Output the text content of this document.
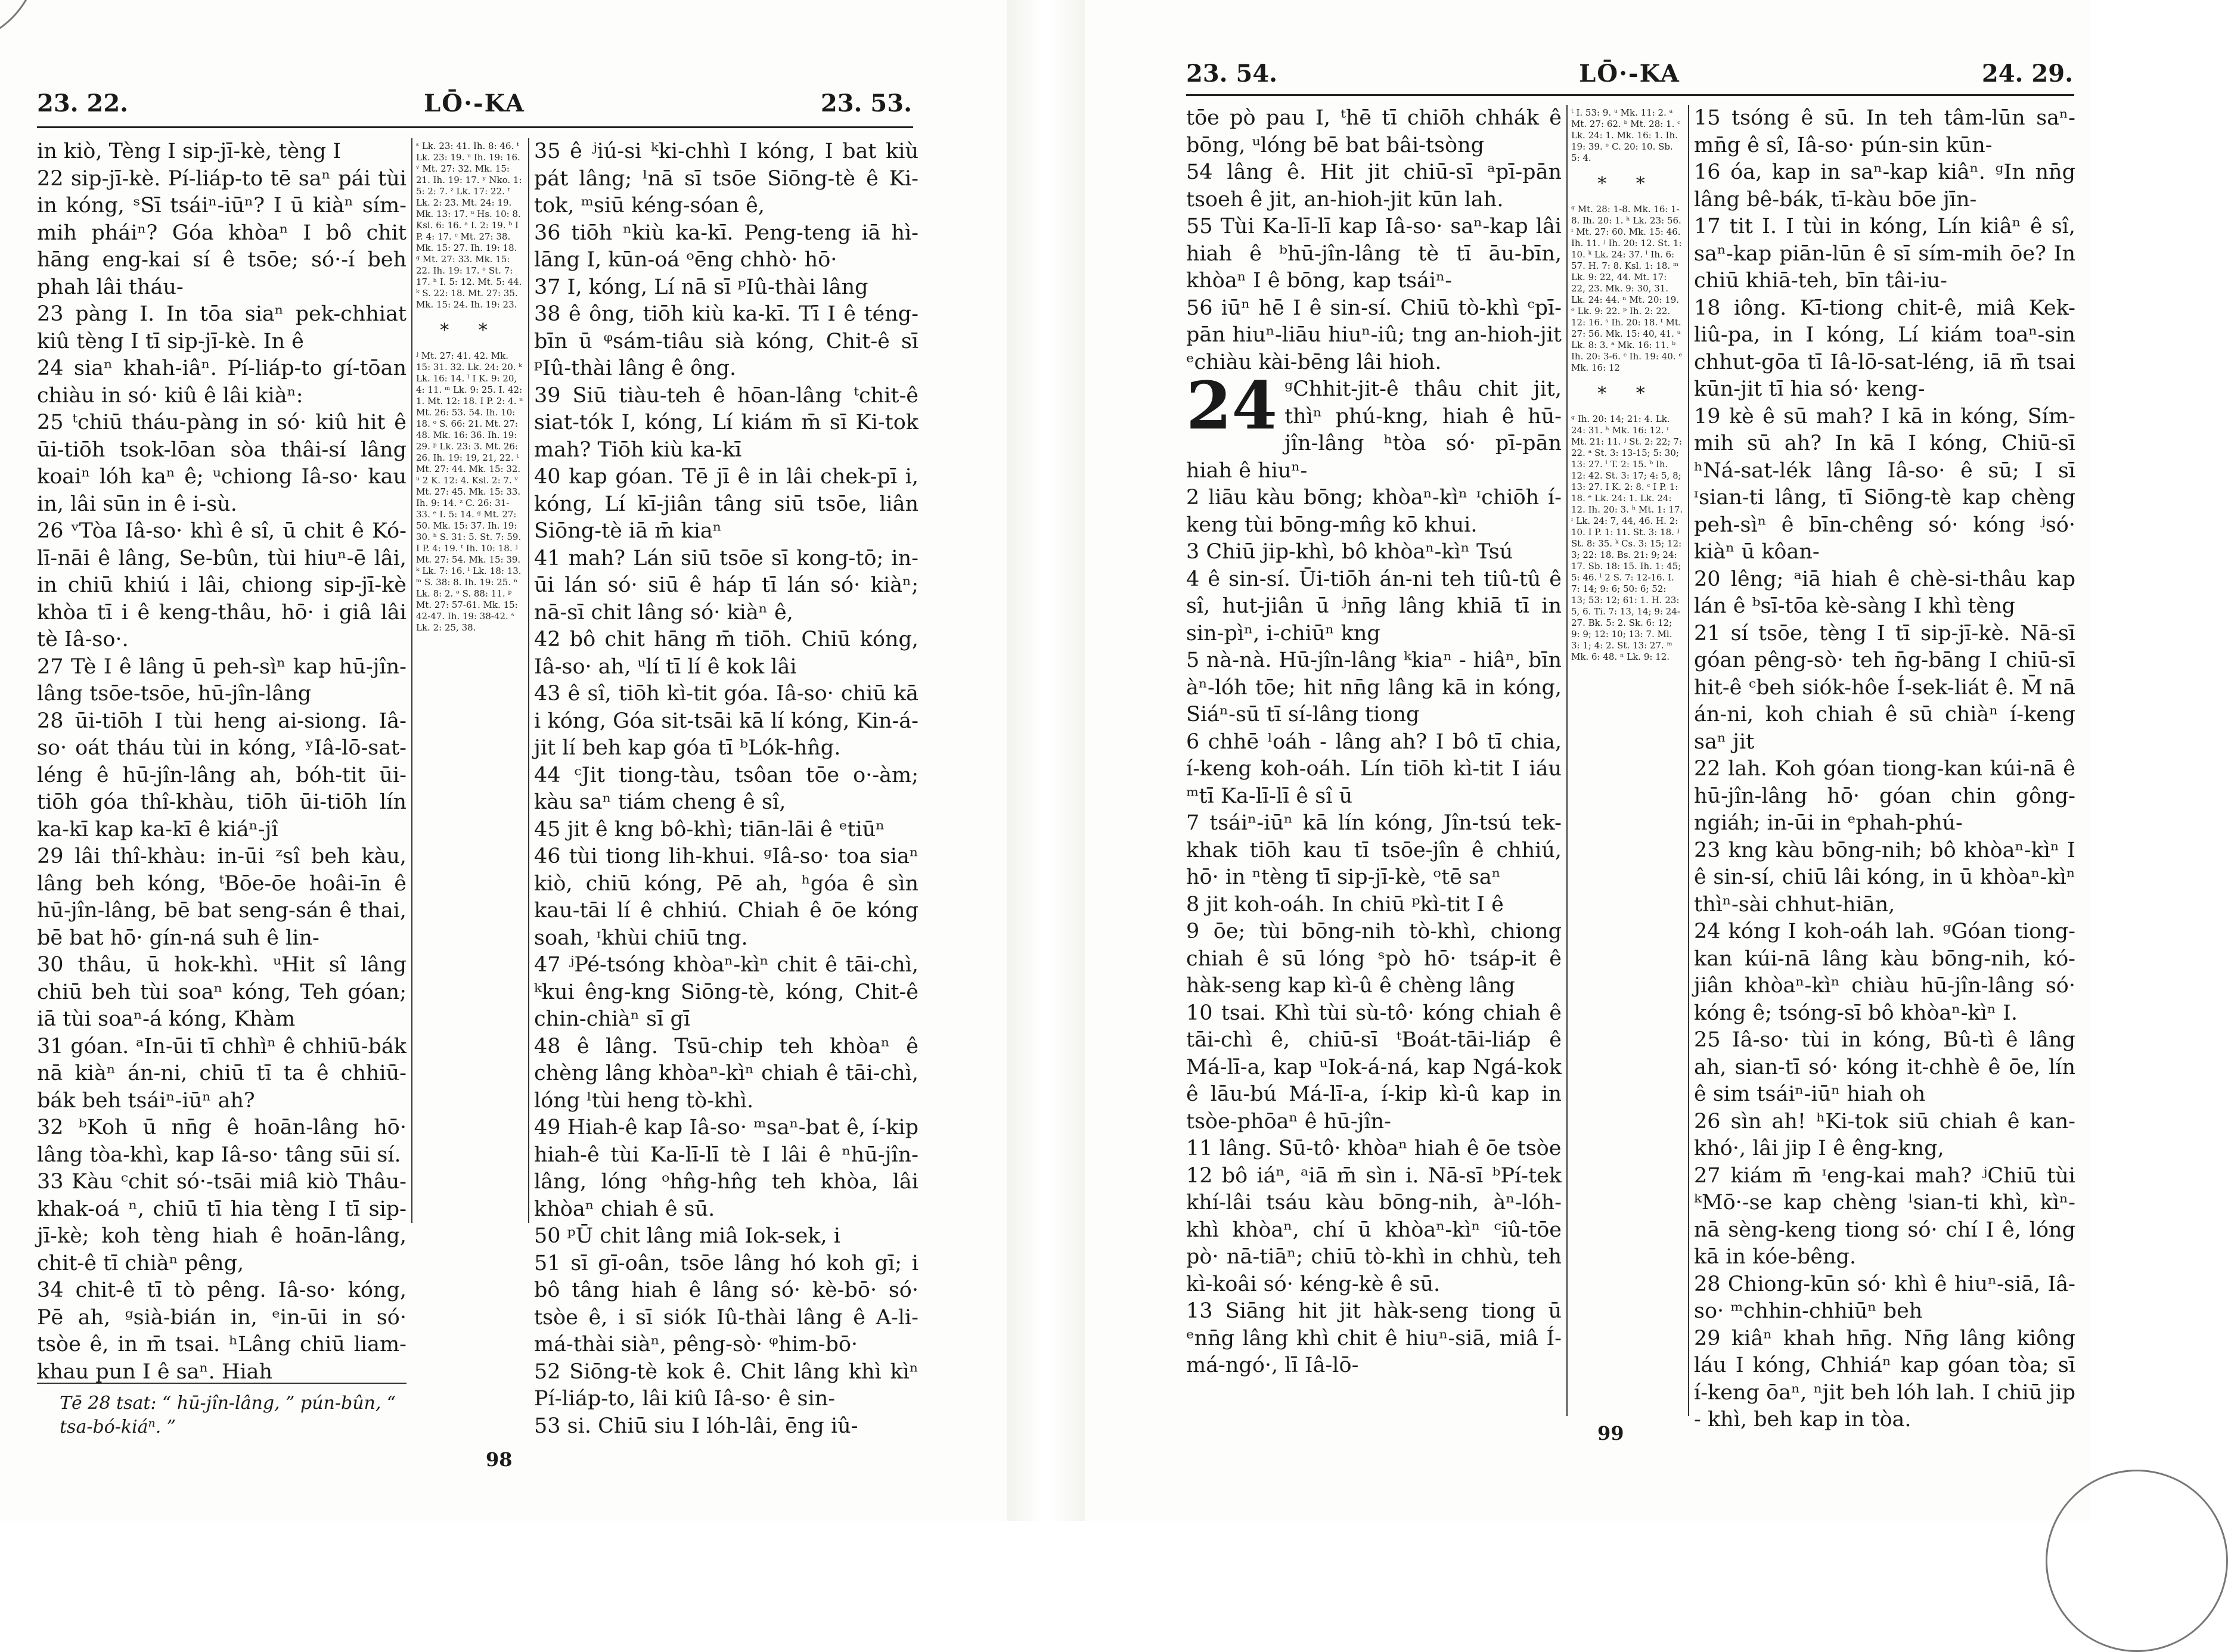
23. 22.	LŌ·-KA	23. 53.

in kiò, Tèng I sip-jī-kè, tèng I

22 sip-jī-kè. Pí-liáp-to tē saⁿ pái tùi in kóng, ˢSī tsáiⁿ-iūⁿ? I ū kiàⁿ sím-mih pháiⁿ? Góa khòaⁿ I bô chit hāng eng-kai sí ê tsōe; só·-í beh phah lâi tháu-

23 pàng I. In tōa siaⁿ pek-chhiat kiû tèng I tī sip-jī-kè. In ê

24 siaⁿ khah-iâⁿ. Pí-liáp-to gí-tōan chiàu in só· kiû ê lâi kiàⁿ:

25 ᵗchiū tháu-pàng in só· kiû hit ê ūi-tiōh tsok-lōan sòa thâi-sí lâng koaiⁿ lóh kaⁿ ê; ᵘchiong Iâ-so· kau in, lâi sūn in ê i-sù.

26 ᵛTòa Iâ-so· khì ê sî, ū chit ê Kó-lī-nāi ê lâng, Se-bûn, tùi hiuⁿ-ē lâi, in chiū khiú i lâi, chiong sip-jī-kè khòa tī i ê keng-thâu, hō· i giâ lâi tè Iâ-so·.

27 Tè I ê lâng ū peh-sìⁿ kap hū-jîn-lâng tsōe-tsōe, hū-jîn-lâng

28 ūi-tiōh I tùi heng ai-siong. Iâ-so· oát tháu tùi in kóng, ʸIâ-lō-sat-léng ê hū-jîn-lâng ah, bóh-tit ūi-tiōh góa thî-khàu, tiōh ūi-tiōh lín ka-kī kap ka-kī ê kiáⁿ-jî

29 lâi thî-khàu: in-ūi ᶻsî beh kàu, lâng beh kóng, ᵗBōe-ōe hoâi-īn ê hū-jîn-lâng, bē bat seng-sán ê thai, bē bat hō· gín-ná suh ê lin-

30 thâu, ū hok-khì. ᵘHit sî lâng chiū beh tùi soaⁿ kóng, Teh góan; iā tùi soaⁿ-á kóng, Khàm

31 góan. ᵃIn-ūi tī chhìⁿ ê chhiū-bák nā kiàⁿ án-ni, chiū tī ta ê chhiū-bák beh tsáiⁿ-iūⁿ ah?

32 ᵇKoh ū nn̄g ê hoān-lâng hō· lâng tòa-khì, kap Iâ-so· tâng sūi sí.

33 Kàu ᶜchit só·-tsāi miâ kiò Thâu-khak-oá ⁿ, chiū tī hia tèng I tī sip-jī-kè; koh tèng hiah ê hoān-lâng, chit-ê tī chiàⁿ pêng,

34 chit-ê tī tò pêng. Iâ-so· kóng, Pē ah, ᵍsià-bián in, ᵉin-ūi in só· tsòe ê, in m̄ tsai. ʰLâng chiū liam-khau pun I ê saⁿ. Hiah

ˢ Lk. 23: 41. Ih. 8: 46. ᵗ Lk. 23: 19. ᵘ Ih. 19: 16. ᵛ Mt. 27: 32. Mk. 15: 21. Ih. 19: 17. ʸ Nko. 1: 5: 2: 7. ᶻ Lk. 17: 22. ᵗ Lk. 2: 23. Mt. 24: 19. Mk. 13: 17. ᵘ Hs. 10: 8. Ksl. 6: 16. ᵃ I. 2: 19. ᵇ I P. 4: 17. ᶜ Mt. 27: 38. Mk. 15: 27. Ih. 19: 18. ᵍ Mt. 27: 33. Mk. 15: 22. Ih. 19: 17. ᵉ St. 7: 17. ʰ I. 5: 12. Mt. 5: 44. ᵏ S. 22: 18. Mt. 27: 35. Mk. 15: 24. Ih. 19: 23.

* *

ʲ Mt. 27: 41. 42. Mk. 15: 31. 32. Lk. 24: 20. ᵏ Lk. 16: 14. ˡ I K. 9: 20, 4: 11. ᵐ Lk. 9: 25. I. 42: 1. Mt. 12: 18. I P. 2: 4. ⁿ Mt. 26: 53. 54. Ih. 10: 18. ᵒ S. 66: 21. Mt. 27: 48. Mk. 16: 36. Ih. 19: 29. ᵖ Lk. 23: 3. Mt. 26: 26. Ih. 19: 19, 21, 22. ᵗ Mt. 27: 44. Mk. 15: 32. ᵘ 2 K. 12: 4. Ksl. 2: 7. ᵛ Mt. 27: 45. Mk. 15: 33. Ih. 9: 14. ᶻ C. 26: 31-33. ᵉ I. 5: 14. ᵍ Mt. 27: 50. Mk. 15: 37. Ih. 19: 30. ʰ S. 31: 5. St. 7: 59. I P. 4: 19. ᵗ Ih. 10: 18. ʲ Mt. 27: 54. Mk. 15: 39. ᵏ Lk. 7: 16. ˡ Lk. 18: 13. ᵐ S. 38: 8. Ih. 19: 25. ⁿ Lk. 8: 2. ᵒ S. 88: 11. ᵖ Mt. 27: 57-61. Mk. 15: 42-47. Ih. 19: 38-42. ˢ Lk. 2: 25, 38.

35 ê ʲiú-si ᵏki-chhì I kóng, I bat kiù pát lâng; ˡnā sī tsōe Siōng-tè ê Ki-tok, ᵐsiū kéng-sóan ê,

36 tiōh ⁿkiù ka-kī. Peng-teng iā hì-lāng I, kūn-oá ᵒēng chhò· hō·

37 I, kóng, Lí nā sī ᵖIû-thài lâng

38 ê ông, tiōh kiù ka-kī. Tī I ê téng-bīn ū ᵠsám-tiâu sià kóng, Chit-ê sī ᵖIû-thài lâng ê ông.

39 Siū tiàu-teh ê hōan-lâng ᵗchit-ê siat-tók I, kóng, Lí kiám m̄ sī Ki-tok mah? Tiōh kiù ka-kī

40 kap góan. Tē jī ê in lâi chek-pī i, kóng, Lí kī-jiân tâng siū tsōe, liân Siōng-tè iā m̄ kiaⁿ

41 mah? Lán siū tsōe sī kong-tō; in-ūi lán só· siū ê háp tī lán só· kiàⁿ; nā-sī chit lâng só· kiàⁿ ê,

42 bô chit hāng m̄ tiōh. Chiū kóng, Iâ-so· ah, ᵘlí tī lí ê kok lâi

43 ê sî, tiōh kì-tit góa. Iâ-so· chiū kā i kóng, Góa sit-tsāi kā lí kóng, Kin-á-jit lí beh kap góa tī ᵇLók-hn̂g.

44 ᶜJit tiong-tàu, tsôan tōe o·-àm; kàu saⁿ tiám cheng ê sî,

45 jit ê kng bô-khì; tiān-lāi ê ᵉtiūⁿ

46 tùi tiong lih-khui. ᵍIâ-so· toa siaⁿ kiò, chiū kóng, Pē ah, ʰgóa ê sìn kau-tāi lí ê chhiú. Chiah ê ōe kóng soah, ᶦkhùi chiū tng.

47 ʲPé-tsóng khòaⁿ-kìⁿ chit ê tāi-chì, ᵏkui êng-kng Siōng-tè, kóng, Chit-ê chin-chiàⁿ sī gī

48 ê lâng. Tsū-chip teh khòaⁿ ê chèng lâng khòaⁿ-kìⁿ chiah ê tāi-chì, lóng ˡtùi heng tò-khì.

49 Hiah-ê kap Iâ-so· ᵐsaⁿ-bat ê, í-kip hiah-ê tùi Ka-lī-lī tè I lâi ê ⁿhū-jîn-lâng, lóng ᵒhn̂g-hn̂g teh khòa, lâi khòaⁿ chiah ê sū.

50 ᵖŪ chit lâng miâ Iok-sek, i

51 sī gī-oân, tsōe lâng hó koh gī; i bô tâng hiah ê lâng só· kè-bō· só· tsòe ê, i sī siók Iû-thài lâng ê A-li-má-thài siàⁿ, pêng-sò· ᵠhim-bō·

52 Siōng-tè kok ê. Chit lâng khì kìⁿ Pí-liáp-to, lâi kiû Iâ-so· ê sin-

53 si. Chiū siu I lóh-lâi, ēng iû-

Tē 28 tsat: “ hū-jîn-lâng, ” pún-bûn, “ tsa-bó-kiáⁿ. ”
98
23. 54.	LŌ·-KA	24. 29.

tōe pò pau I, ᵗhē tī chiōh chhák ê bōng, ᵘlóng bē bat bâi-tsòng

54 lâng ê. Hit jit chiū-sī ᵃpī-pān tsoeh ê jit, an-hioh-jit kūn lah.

55 Tùi Ka-lī-lī kap Iâ-so· saⁿ-kap lâi hiah ê ᵇhū-jîn-lâng tè tī āu-bīn, khòaⁿ I ê bōng, kap tsáiⁿ-

56 iūⁿ hē I ê sin-sí. Chiū tò-khì ᶜpī-pān hiuⁿ-liāu hiuⁿ-iû; tng an-hioh-jit ᵉchiàu kài-bēng lâi hioh.

24 ᵍChhit-jit-ê thâu chit jit, thìⁿ phú-kng, hiah ê hū-jîn-lâng ʰtòa só· pī-pān hiah ê hiuⁿ-

2 liāu kàu bōng; khòaⁿ-kìⁿ ᶦchiōh í-keng tùi bōng-mn̂g kō khui.

3 Chiū jip-khì, bô khòaⁿ-kìⁿ Tsú

4 ê sin-sí. Ūi-tiōh án-ni teh tiû-tû ê sî, hut-jiân ū ʲnn̄g lâng khiā tī in sin-pìⁿ, i-chiūⁿ kng

5 nà-nà. Hū-jîn-lâng ᵏkiaⁿ - hiâⁿ, bīn àⁿ-lóh tōe; hit nn̄g lâng kā in kóng, Siáⁿ-sū tī sí-lâng tiong

6 chhē ˡoáh - lâng ah? I bô tī chia, í-keng koh-oáh. Lín tiōh kì-tit I iáu ᵐtī Ka-lī-lī ê sî ū

7 tsáiⁿ-iūⁿ kā lín kóng, Jîn-tsú tek-khak tiōh kau tī tsōe-jîn ê chhiú, hō· in ⁿtèng tī sip-jī-kè, ᵒtē saⁿ

8 jit koh-oáh. In chiū ᵖkì-tit I ê

9 ōe; tùi bōng-nih tò-khì, chiong chiah ê sū lóng ˢpò hō· tsáp-it ê hàk-seng kap kì-û ê chèng lâng

10 tsai. Khì tùi sù-tô· kóng chiah ê tāi-chì ê, chiū-sī ᵗBoát-tāi-liáp ê Má-lī-a, kap ᵘIok-á-ná, kap Ngá-kok ê lāu-bú Má-lī-a, í-kip kì-û kap in tsòe-phōaⁿ ê hū-jîn-

11 lâng. Sū-tô· khòaⁿ hiah ê ōe tsòe

12 bô iáⁿ, ᵃiā m̄ sìn i. Nā-sī ᵇPí-tek khí-lâi tsáu kàu bōng-nih, àⁿ-lóh-khì khòaⁿ, chí ū khòaⁿ-kìⁿ ᶜiû-tōe pò· nā-tiāⁿ; chiū tò-khì in chhù, teh kì-koâi só· kéng-kè ê sū.

13 Siāng hit jit hàk-seng tiong ū ᵉnn̄g lâng khì chit ê hiuⁿ-siā, miâ Í-má-ngó·, lī Iâ-lō-

ᵗ I. 53: 9. ᵘ Mk. 11: 2. ᵃ Mt. 27: 62. ᵇ Mt. 28: 1. ᶜ Lk. 24: 1. Mk. 16: 1. Ih. 19: 39. ᵉ C. 20: 10. Sb. 5: 4.

* *

ᵍ Mt. 28: 1-8. Mk. 16: 1-8. Ih. 20: 1. ʰ Lk. 23: 56. ᶦ Mt. 27: 60. Mk. 15: 46. Ih. 11. ʲ Ih. 20: 12. St. 1: 10. ᵏ Lk. 24: 37. ˡ Ih. 6: 57. H. 7: 8. Ksl. 1: 18. ᵐ Lk. 9: 22, 44. Mt. 17: 22, 23. Mk. 9: 30, 31. Lk. 24: 44. ⁿ Mt. 20: 19. ᵒ Lk. 9: 22. ᵖ Ih. 2: 22. 12: 16. ˢ Ih. 20: 18. ᵗ Mt. 27: 56. Mk. 15: 40, 41. ᵘ Lk. 8: 3. ᵃ Mk. 16: 11. ᵇ Ih. 20: 3-6. ᶜ Ih. 19: 40. ᵉ Mk. 16: 12

* *

ᵍ Ih. 20: 14; 21: 4. Lk. 24: 31. ʰ Mk. 16: 12. ᶦ Mt. 21: 11. ʲ St. 2: 22; 7: 22. ᵃ St. 3: 13-15; 5: 30; 13: 27. ˡ T. 2: 15. ᵇ Ih. 12: 42. St. 3: 17; 4: 5, 8; 13: 27. I K. 2: 8. ᶜ I P. 1: 18. ᵉ Lk. 24: 1. Lk. 24: 12. Ih. 20: 3. ʰ Mt. 1: 17. ᶦ Lk. 24: 7, 44, 46. H. 2: 10. I P. 1: 11. St. 3: 18. ʲ St. 8: 35. ᵏ Cs. 3: 15; 12: 3; 22: 18. Bs. 21: 9; 24: 17. Sb. 18: 15. Ih. 1: 45; 5: 46. ˡ 2 S. 7: 12-16. I. 7: 14; 9: 6; 50: 6; 52: 13; 53: 12; 61: 1. H. 23: 5, 6. Ti. 7: 13, 14; 9: 24-27. Bk. 5: 2. Sk. 6: 12; 9: 9; 12: 10; 13: 7. Ml. 3: 1; 4: 2. St. 13: 27. ᵐ Mk. 6: 48. ⁿ Lk. 9: 12.

15 tsóng ê sū. In teh tâm-lūn saⁿ-mn̄g ê sî, Iâ-so· pún-sin kūn-

16 óa, kap in saⁿ-kap kiâⁿ. ᵍIn nn̄g lâng bê-bák, tī-kàu bōe jīn-

17 tit I. I tùi in kóng, Lín kiâⁿ ê sî, saⁿ-kap piān-lūn ê sī sím-mih ōe? In chiū khiā-teh, bīn tâi-iu-

18 iông. Kī-tiong chit-ê, miâ Kek-liû-pa, in I kóng, Lí kiám toaⁿ-sin chhut-gōa tī Iâ-lō-sat-léng, iā m̄ tsai kūn-jit tī hia só· keng-

19 kè ê sū mah? I kā in kóng, Sím-mih sū ah? In kā I kóng, Chiū-sī ʰNá-sat-lék lâng Iâ-so· ê sū; I sī ᶦsian-ti lâng, tī Siōng-tè kap chèng peh-sìⁿ ê bīn-chêng só· kóng ʲsó· kiàⁿ ū kôan-

20 lêng; ᵃiā hiah ê chè-si-thâu kap lán ê ᵇsī-tōa kè-sàng I khì tèng

21 sí tsōe, tèng I tī sip-jī-kè. Nā-sī góan pêng-sò· teh n̄g-bāng I chiū-sī hit-ê ᶜbeh siók-hôe Í-sek-liát ê. M̄ nā án-ni, koh chiah ê sū chiàⁿ í-keng saⁿ jit

22 lah. Koh góan tiong-kan kúi-nā ê hū-jîn-lâng hō· góan chin gông-ngiáh; in-ūi in ᵉphah-phú-

23 kng kàu bōng-nih; bô khòaⁿ-kìⁿ I ê sin-sí, chiū lâi kóng, in ū khòaⁿ-kìⁿ thìⁿ-sài chhut-hiān,

24 kóng I koh-oáh lah. ᵍGóan tiong-kan kúi-nā lâng kàu bōng-nih, kó-jiân khòaⁿ-kìⁿ chiàu hū-jîn-lâng só· kóng ê; tsóng-sī bô khòaⁿ-kìⁿ I.

25 Iâ-so· tùi in kóng, Bû-tì ê lâng ah, sian-tī só· kóng it-chhè ê ōe, lín ê sim tsáiⁿ-iūⁿ hiah oh

26 sìn ah! ʰKi-tok siū chiah ê kan-khó·, lâi jip I ê êng-kng,

27 kiám m̄ ᶦeng-kai mah? ʲChiū tùi ᵏMō·-se kap chèng ˡsian-ti khì, kìⁿ-nā sèng-keng tiong só· chí I ê, lóng kā in kóe-bêng.

28 Chiong-kūn só· khì ê hiuⁿ-siā, Iâ-so· ᵐchhin-chhiūⁿ beh

29 kiâⁿ khah hn̄g. Nn̄g lâng kiông láu I kóng, Chhiáⁿ kap góan tòa; sī í-keng ōaⁿ, ⁿjit beh lóh lah. I chiū jip - khì, beh kap in tòa.

99
